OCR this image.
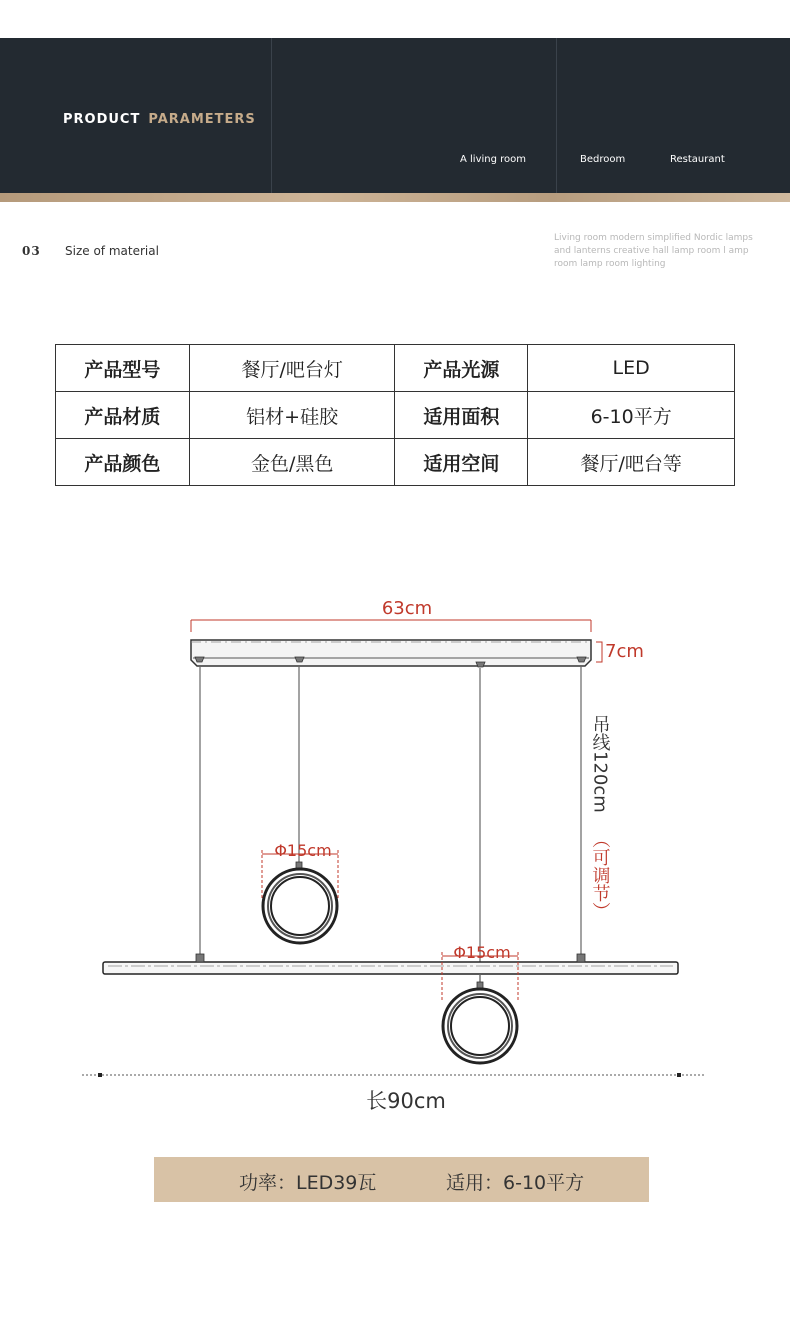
PRODUCT PARAMETERS
A living room	Bedroom	Restaurant
03 Size of material
Living room modern simplified Nordic lamps and lanterns creative hall lamp room l amp room lamp room lighting
产品型号	餐厅/吧台灯	产品光源	LED
产品材质	铝材+硅胶	适用面积	6-10平方
产品颜色	金色/黑色	适用空间	餐厅/吧台等
63cm
7cm
吊线120cm
（可调节）
Φ15cm
Φ15cm
长90cm
功率：LED39瓦	适用：6-10平方
